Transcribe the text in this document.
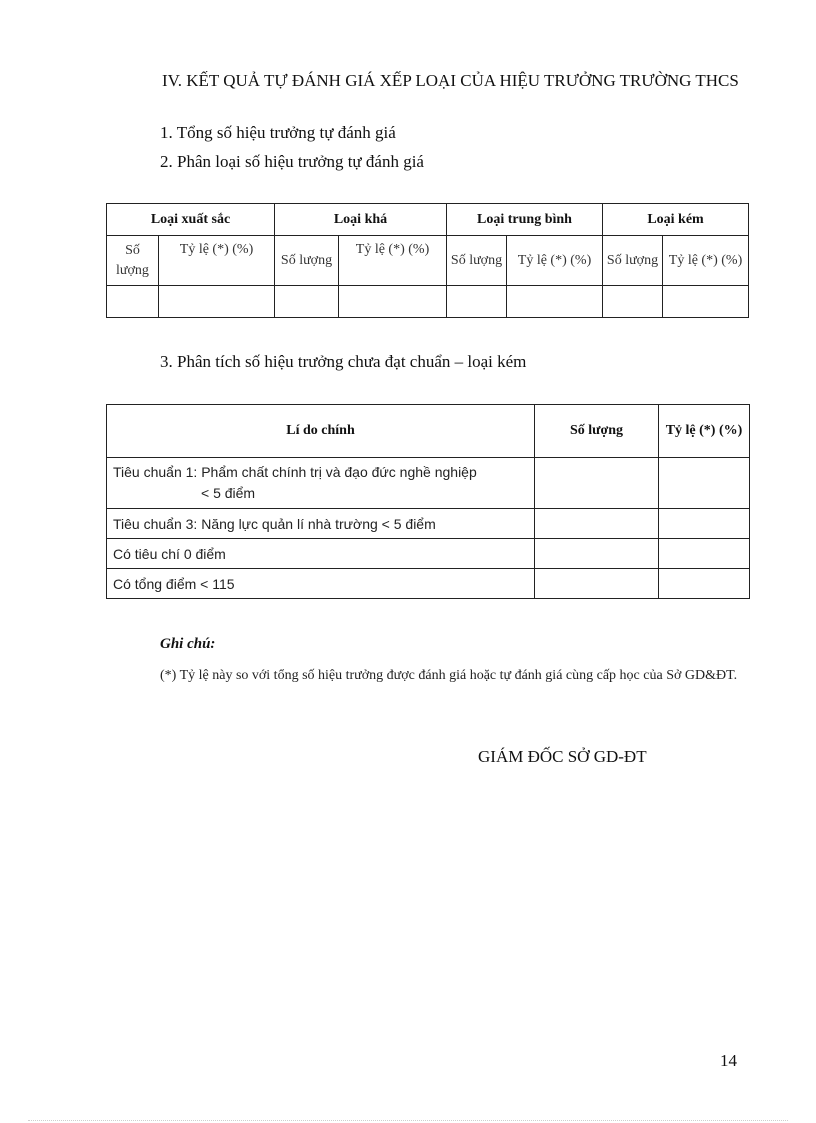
IV. KẾT QUẢ TỰ ĐÁNH GIÁ XẾP LOẠI CỦA HIỆU TRƯỞNG TRƯỜNG THCS
1. Tổng số hiệu trưởng tự đánh giá
2. Phân loại số hiệu trưởng tự đánh giá
Loại xuất sắc		Loại khá		Loại trung bình		Loại kém	
Số lượng	Tỷ lệ (*) (%)	Số lượng	Tỷ lệ (*) (%)	Số lượng	Tỷ lệ (*) (%)	Số lượng	Tỷ lệ (*) (%)

3. Phân tích số hiệu trưởng chưa đạt chuẩn – loại kém
Lí do chính	Số lượng	Tỷ lệ (*) (%)

Tiêu chuẩn 1: Phẩm chất chính trị và đạo đức nghề nghiệp
< 5 điểm		

Tiêu chuẩn 3: Năng lực quản lí nhà trường < 5 điểm		
Có tiêu chí 0 điểm		
Có tổng điểm < 115		
Ghi chú:
(*) Tỷ lệ này so với tổng số hiệu trưởng được đánh giá hoặc tự đánh giá cùng cấp học của Sở GD&ĐT.
GIÁM ĐỐC SỞ GD-ĐT
14
